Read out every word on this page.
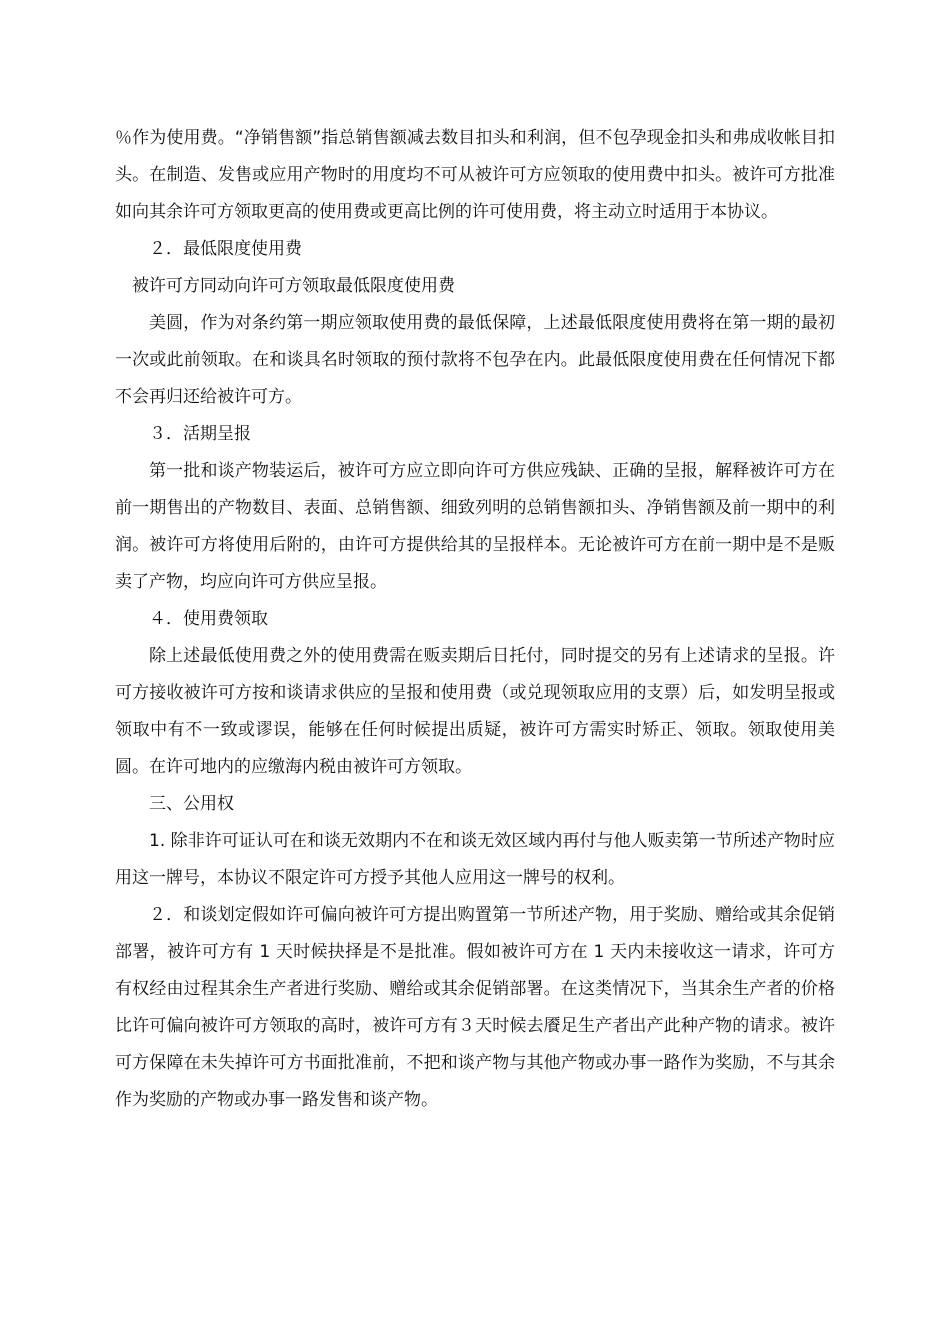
％作为使用费。“净销售额”指总销售额减去数目扣头和利润，但不包孕现金扣头和弗成收帐目扣头。在制造、发售或应用产物时的用度均不可从被许可方应领取的使用费中扣头。被许可方批准如向其余许可方领取更高的使用费或更高比例的许可使用费，将主动立时适用于本协议。

２．最低限度使用费

被许可方同动向许可方领取最低限度使用费

美圆，作为对条约第一期应领取使用费的最低保障，上述最低限度使用费将在第一期的最初一次或此前领取。在和谈具名时领取的预付款将不包孕在内。此最低限度使用费在任何情况下都不会再归还给被许可方。

３．活期呈报

第一批和谈产物装运后，被许可方应立即向许可方供应残缺、正确的呈报，解释被许可方在前一期售出的产物数目、表面、总销售额、细致列明的总销售额扣头、净销售额及前一期中的利润。被许可方将使用后附的，由许可方提供给其的呈报样本。无论被许可方在前一期中是不是贩卖了产物，均应向许可方供应呈报。

４．使用费领取

除上述最低使用费之外的使用费需在贩卖期后日托付，同时提交的另有上述请求的呈报。许可方接收被许可方按和谈请求供应的呈报和使用费（或兑现领取应用的支票）后，如发明呈报或领取中有不一致或谬误，能够在任何时候提出质疑，被许可方需实时矫正、领取。领取使用美圆。在许可地内的应缴海内税由被许可方领取。

三、公用权

1. 除非许可证认可在和谈无效期内不在和谈无效区域内再付与他人贩卖第一节所述产物时应用这一牌号，本协议不限定许可方授予其他人应用这一牌号的权利。

２．和谈划定假如许可偏向被许可方提出购置第一节所述产物，用于奖励、赠给或其余促销部署，被许可方有 1 天时候抉择是不是批准。假如被许可方在 1 天内未接收这一请求，许可方有权经由过程其余生产者进行奖励、赠给或其余促销部署。在这类情况下，当其余生产者的价格比许可偏向被许可方领取的高时，被许可方有３天时候去餍足生产者出产此种产物的请求。被许可方保障在未失掉许可方书面批准前，不把和谈产物与其他产物或办事一路作为奖励，不与其余作为奖励的产物或办事一路发售和谈产物。
